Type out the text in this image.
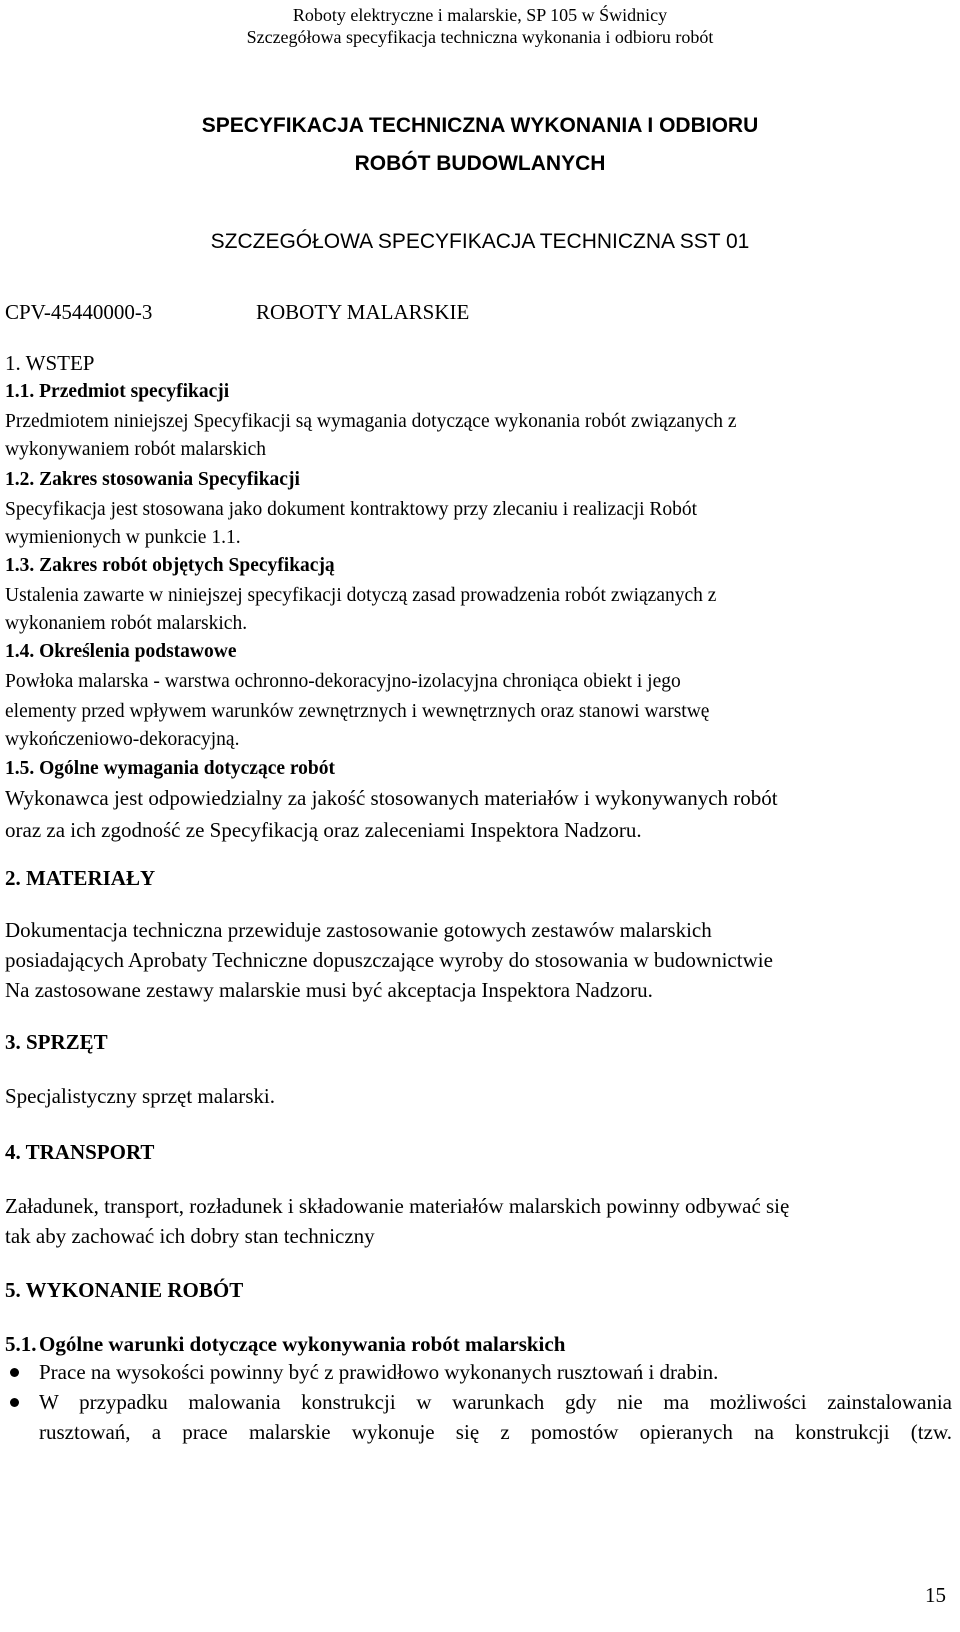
Roboty elektryczne i malarskie, SP 105 w Świdnicy
Szczegółowa specyfikacja techniczna wykonania i odbioru robót
SPECYFIKACJA TECHNICZNA WYKONANIA I ODBIORU
ROBÓT BUDOWLANYCH
SZCZEGÓŁOWA SPECYFIKACJA TECHNICZNA SST 01
CPV-45440000-3	ROBOTY MALARSKIE
1. WSTEP
1.1. Przedmiot specyfikacji
Przedmiotem niniejszej Specyfikacji są wymagania dotyczące wykonania robót związanych z
wykonywaniem robót malarskich
1.2. Zakres stosowania Specyfikacji
Specyfikacja jest stosowana jako dokument kontraktowy przy zlecaniu i realizacji Robót
wymienionych w punkcie 1.1.
1.3. Zakres robót objętych Specyfikacją
Ustalenia zawarte w niniejszej specyfikacji dotyczą zasad prowadzenia robót związanych z
wykonaniem robót malarskich.
1.4. Określenia podstawowe
Powłoka malarska - warstwa ochronno-dekoracyjno-izolacyjna chroniąca obiekt i jego
elementy przed wpływem warunków zewnętrznych i wewnętrznych oraz stanowi warstwę
wykończeniowo-dekoracyjną.
1.5. Ogólne wymagania dotyczące robót
Wykonawca jest odpowiedzialny za jakość stosowanych materiałów i wykonywanych robót
oraz za ich zgodność ze Specyfikacją oraz zaleceniami Inspektora Nadzoru.
2. MATERIAŁY
Dokumentacja techniczna przewiduje zastosowanie gotowych zestawów malarskich
posiadających Aprobaty Techniczne dopuszczające wyroby do stosowania w budownictwie
Na zastosowane zestawy malarskie musi być akceptacja Inspektora Nadzoru.
3. SPRZĘT
Specjalistyczny sprzęt malarski.
4. TRANSPORT
Załadunek, transport, rozładunek i składowanie materiałów malarskich powinny odbywać się
tak aby zachować ich dobry stan techniczny
5. WYKONANIE ROBÓT
5.1. Ogólne warunki dotyczące wykonywania robót malarskich
Prace na wysokości powinny być z prawidłowo wykonanych rusztowań i drabin.
W przypadku malowania konstrukcji w warunkach gdy nie ma możliwości zainstalowania
rusztowań, a prace malarskie wykonuje się z pomostów opieranych na konstrukcji (tzw.
15
